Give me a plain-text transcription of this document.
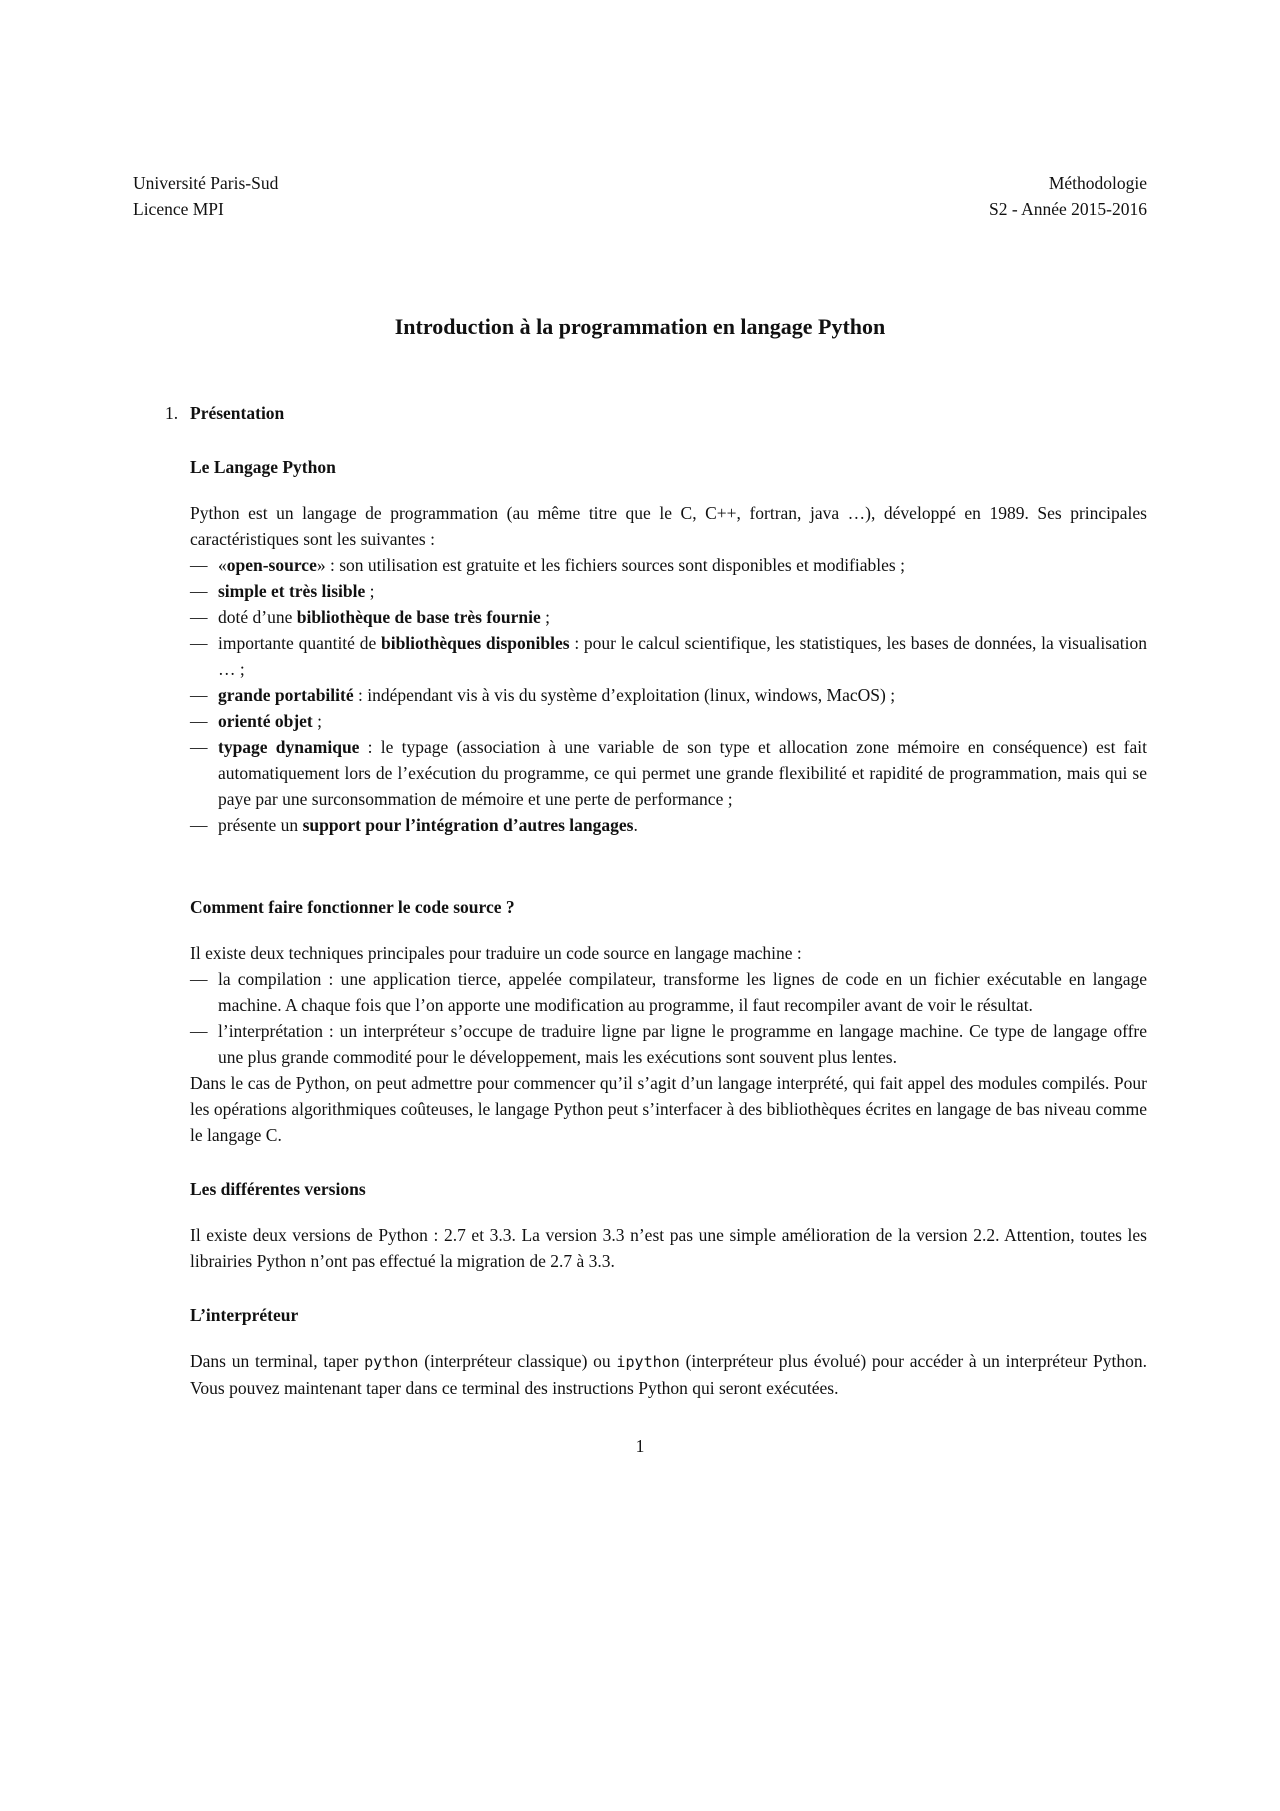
Université Paris-Sud
Licence MPI
Méthodologie
S2 - Année 2015-2016
Introduction à la programmation en langage Python
1. Présentation
Le Langage Python

Python est un langage de programmation (au même titre que le C, C++, fortran, java …), développé en 1989. Ses principales caractéristiques sont les suivantes :

— «open-source» : son utilisation est gratuite et les fichiers sources sont disponibles et modifiables ;
— simple et très lisible ;
— doté d’une bibliothèque de base très fournie ;
— importante quantité de bibliothèques disponibles : pour le calcul scientifique, les statistiques, les bases de données, la visualisation … ;
— grande portabilité : indépendant vis à vis du système d’exploitation (linux, windows, MacOS) ;
— orienté objet ;
— typage dynamique : le typage (association à une variable de son type et allocation zone mémoire en conséquence) est fait automatiquement lors de l’exécution du programme, ce qui permet une grande flexibilité et rapidité de programmation, mais qui se paye par une surconsommation de mémoire et une perte de performance ;
— présente un support pour l’intégration d’autres langages.
Comment faire fonctionner le code source ?

Il existe deux techniques principales pour traduire un code source en langage machine :

— la compilation : une application tierce, appelée compilateur, transforme les lignes de code en un fichier exécutable en langage machine. A chaque fois que l’on apporte une modification au programme, il faut recompiler avant de voir le résultat.
— l’interprétation : un interpréteur s’occupe de traduire ligne par ligne le programme en langage machine. Ce type de langage offre une plus grande commodité pour le développement, mais les exécutions sont souvent plus lentes.

Dans le cas de Python, on peut admettre pour commencer qu’il s’agit d’un langage interprété, qui fait appel des modules compilés. Pour les opérations algorithmiques coûteuses, le langage Python peut s’interfacer à des bibliothèques écrites en langage de bas niveau comme le langage C.

Les différentes versions

Il existe deux versions de Python : 2.7 et 3.3. La version 3.3 n’est pas une simple amélioration de la version 2.2. Attention, toutes les librairies Python n’ont pas effectué la migration de 2.7 à 3.3.

L’interpréteur

Dans un terminal, taper python (interpréteur classique) ou ipython (interpréteur plus évolué) pour accéder à un interpréteur Python. Vous pouvez maintenant taper dans ce terminal des instructions Python qui seront exécutées.

1
